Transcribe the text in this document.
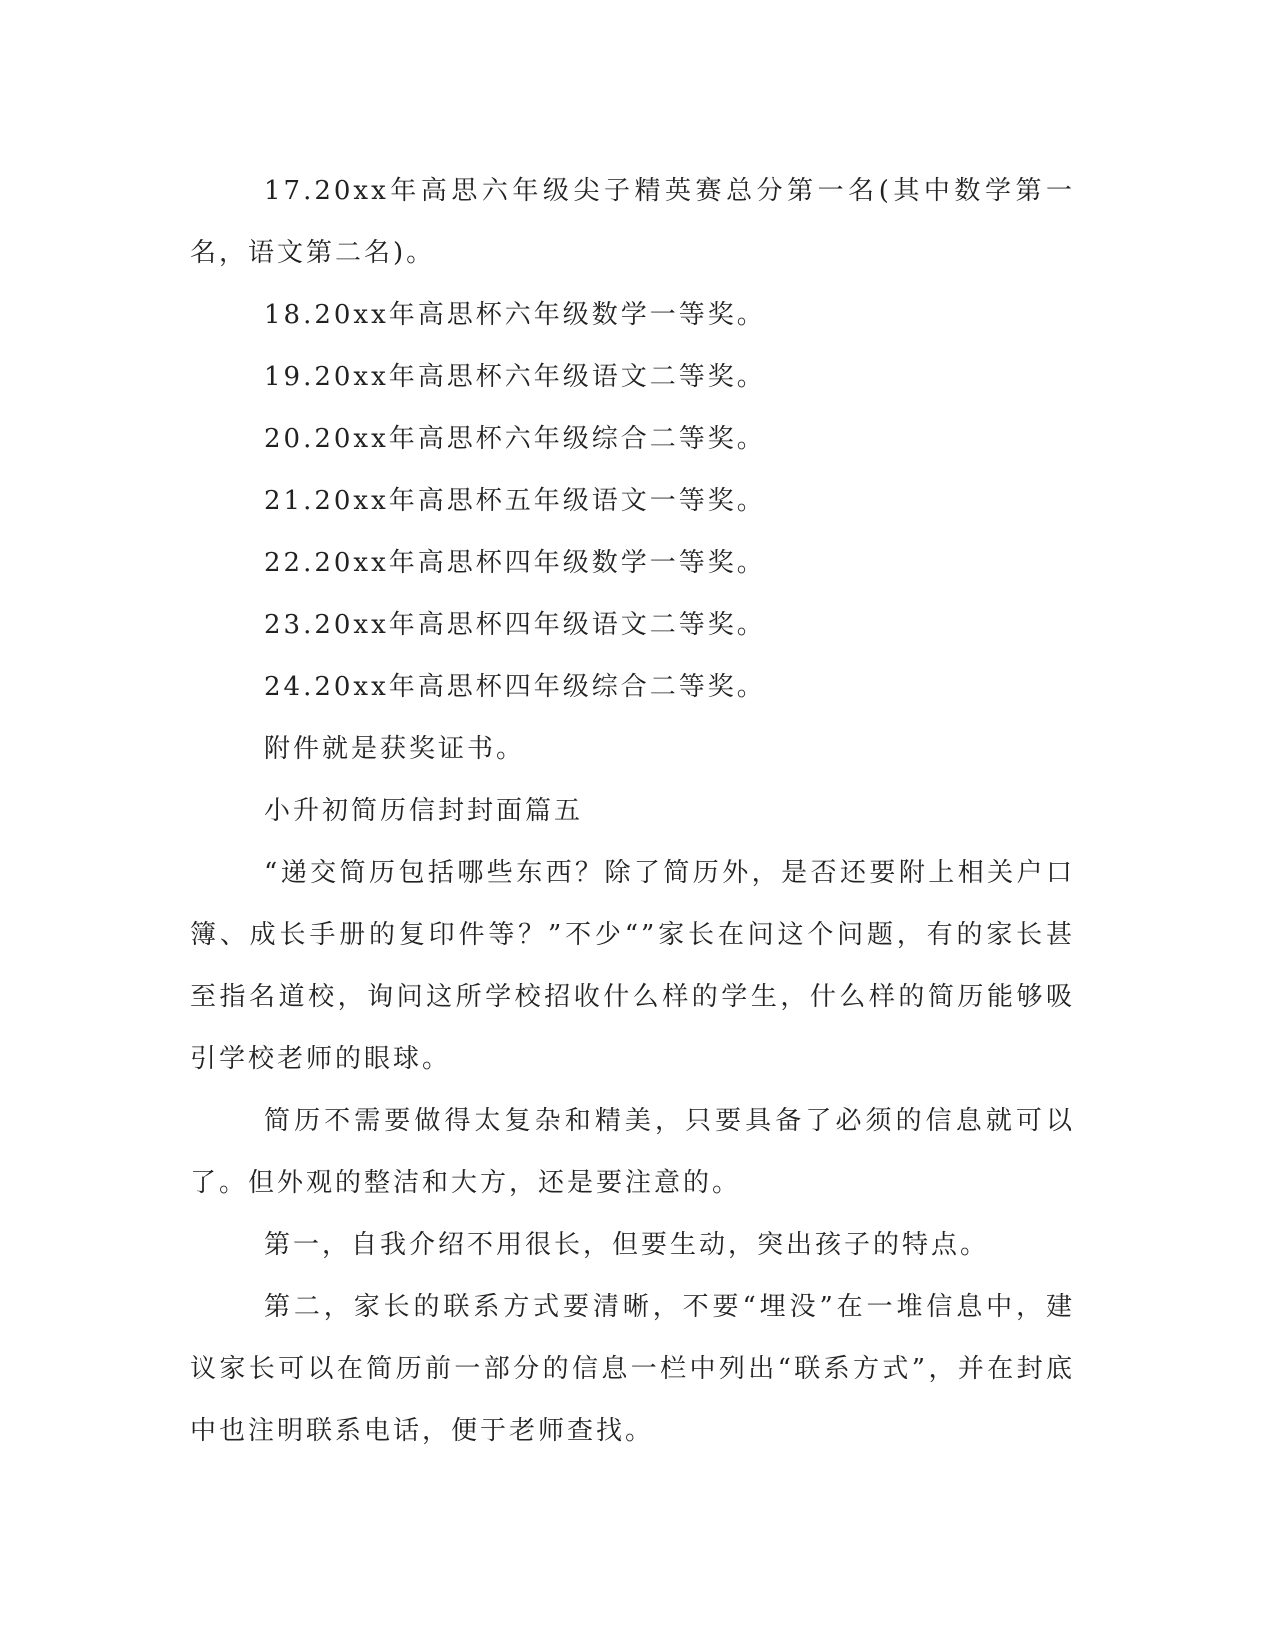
17.20xx年高思六年级尖子精英赛总分第一名(其中数学第一名，语文第二名)。

18.20xx年高思杯六年级数学一等奖。

19.20xx年高思杯六年级语文二等奖。

20.20xx年高思杯六年级综合二等奖。

21.20xx年高思杯五年级语文一等奖。

22.20xx年高思杯四年级数学一等奖。

23.20xx年高思杯四年级语文二等奖。

24.20xx年高思杯四年级综合二等奖。

附件就是获奖证书。

小升初简历信封封面篇五

“递交简历包括哪些东西？除了简历外，是否还要附上相关户口簿、成长手册的复印件等？”不少“”家长在问这个问题，有的家长甚至指名道校，询问这所学校招收什么样的学生，什么样的简历能够吸引学校老师的眼球。

简历不需要做得太复杂和精美，只要具备了必须的信息就可以了。但外观的整洁和大方，还是要注意的。

第一，自我介绍不用很长，但要生动，突出孩子的特点。

第二，家长的联系方式要清晰，不要“埋没”在一堆信息中，建议家长可以在简历前一部分的信息一栏中列出“联系方式”，并在封底中也注明联系电话，便于老师查找。
